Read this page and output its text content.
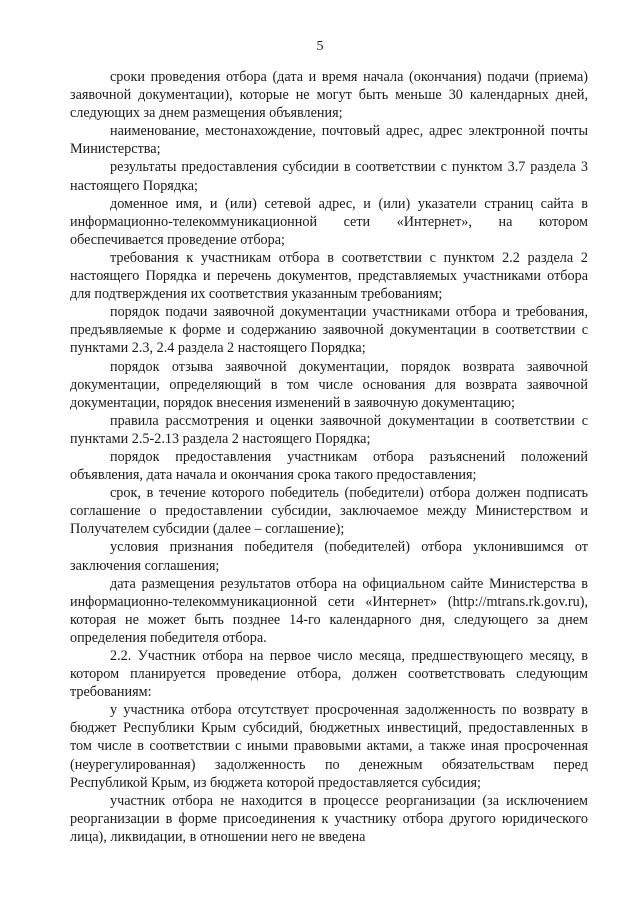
5

сроки проведения отбора (дата и время начала (окончания) подачи (приема) заявочной документации), которые не могут быть меньше 30 календарных дней, следующих за днем размещения объявления;

наименование, местонахождение, почтовый адрес, адрес электронной почты Министерства;

результаты предоставления субсидии в соответствии с пунктом 3.7 раздела 3 настоящего Порядка;

доменное имя, и (или) сетевой адрес, и (или) указатели страниц сайта в информационно-телекоммуникационной сети «Интернет», на котором обеспечивается проведение отбора;

требования к участникам отбора в соответствии с пунктом 2.2 раздела 2 настоящего Порядка и перечень документов, представляемых участниками отбора для подтверждения их соответствия указанным требованиям;

порядок подачи заявочной документации участниками отбора и требования, предъявляемые к форме и содержанию заявочной документации в соответствии с пунктами 2.3, 2.4 раздела 2 настоящего Порядка;

порядок отзыва заявочной документации, порядок возврата заявочной документации, определяющий в том числе основания для возврата заявочной документации, порядок внесения изменений в заявочную документацию;

правила рассмотрения и оценки заявочной документации в соответствии с пунктами 2.5-2.13 раздела 2 настоящего Порядка;

порядок предоставления участникам отбора разъяснений положений объявления, дата начала и окончания срока такого предоставления;

срок, в течение которого победитель (победители) отбора должен подписать соглашение о предоставлении субсидии, заключаемое между Министерством и Получателем субсидии (далее – соглашение);

условия признания победителя (победителей) отбора уклонившимся от заключения соглашения;

дата размещения результатов отбора на официальном сайте Министерства в информационно-телекоммуникационной сети «Интернет» (http://mtrans.rk.gov.ru), которая не может быть позднее 14-го календарного дня, следующего за днем определения победителя отбора.

2.2. Участник отбора на первое число месяца, предшествующего месяцу, в котором планируется проведение отбора, должен соответствовать следующим требованиям:

у участника отбора отсутствует просроченная задолженность по возврату в бюджет Республики Крым субсидий, бюджетных инвестиций, предоставленных в том числе в соответствии с иными правовыми актами, а также иная просроченная (неурегулированная) задолженность по денежным обязательствам перед Республикой Крым, из бюджета которой предоставляется субсидия;

участник отбора не находится в процессе реорганизации (за исключением реорганизации в форме присоединения к участнику отбора другого юридического лица), ликвидации, в отношении него не введена
